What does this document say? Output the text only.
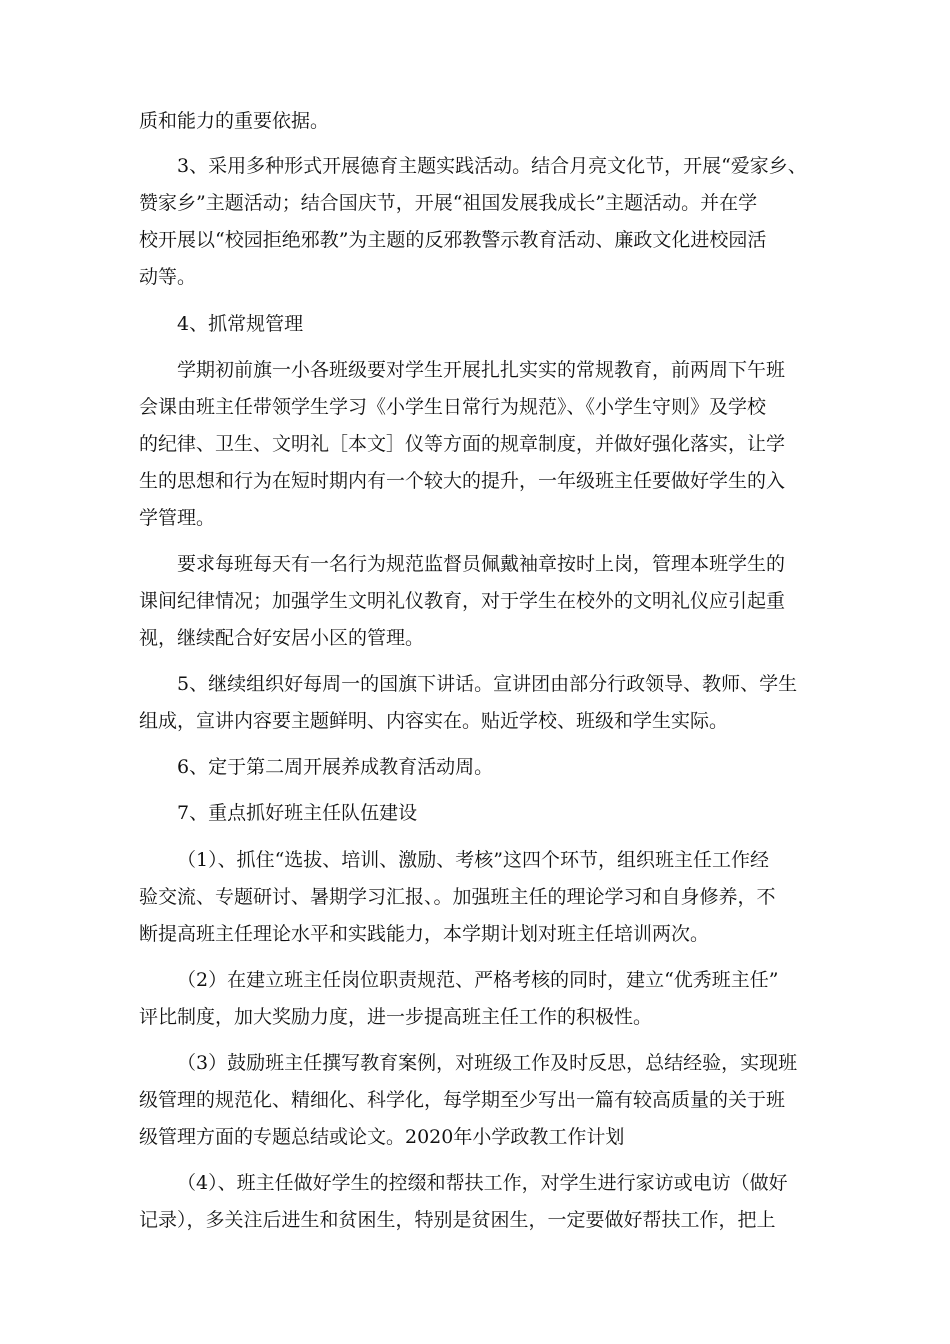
质和能力的重要依据。
3、采用多种形式开展德育主题实践活动。结合月亮文化节，开展“爱家乡、
赞家乡”主题活动；结合国庆节，开展“祖国发展我成长”主题活动。并在学
校开展以“校园拒绝邪教”为主题的反邪教警示教育活动、廉政文化进校园活
动等。
4、抓常规管理
学期初前旗一小各班级要对学生开展扎扎实实的常规教育，前两周下午班
会课由班主任带领学生学习《小学生日常行为规范》、《小学生守则》及学校
的纪律、卫生、文明礼［本文］仪等方面的规章制度，并做好强化落实，让学
生的思想和行为在短时期内有一个较大的提升，一年级班主任要做好学生的入
学管理。
要求每班每天有一名行为规范监督员佩戴袖章按时上岗，管理本班学生的
课间纪律情况；加强学生文明礼仪教育，对于学生在校外的文明礼仪应引起重
视，继续配合好安居小区的管理。
5、继续组织好每周一的国旗下讲话。宣讲团由部分行政领导、教师、学生
组成，宣讲内容要主题鲜明、内容实在。贴近学校、班级和学生实际。
6、定于第二周开展养成教育活动周。
7、重点抓好班主任队伍建设
（1）、抓住“选拔、培训、激励、考核”这四个环节，组织班主任工作经
验交流、专题研讨、暑期学习汇报、。加强班主任的理论学习和自身修养，不
断提高班主任理论水平和实践能力，本学期计划对班主任培训两次。
（2）在建立班主任岗位职责规范、严格考核的同时，建立“优秀班主任”
评比制度，加大奖励力度，进一步提高班主任工作的积极性。
（3）鼓励班主任撰写教育案例，对班级工作及时反思，总结经验，实现班
级管理的规范化、精细化、科学化，每学期至少写出一篇有较高质量的关于班
级管理方面的专题总结或论文。2020年小学政教工作计划
（4）、班主任做好学生的控缀和帮扶工作，对学生进行家访或电访（做好
记录），多关注后进生和贫困生，特别是贫困生，一定要做好帮扶工作，把上
